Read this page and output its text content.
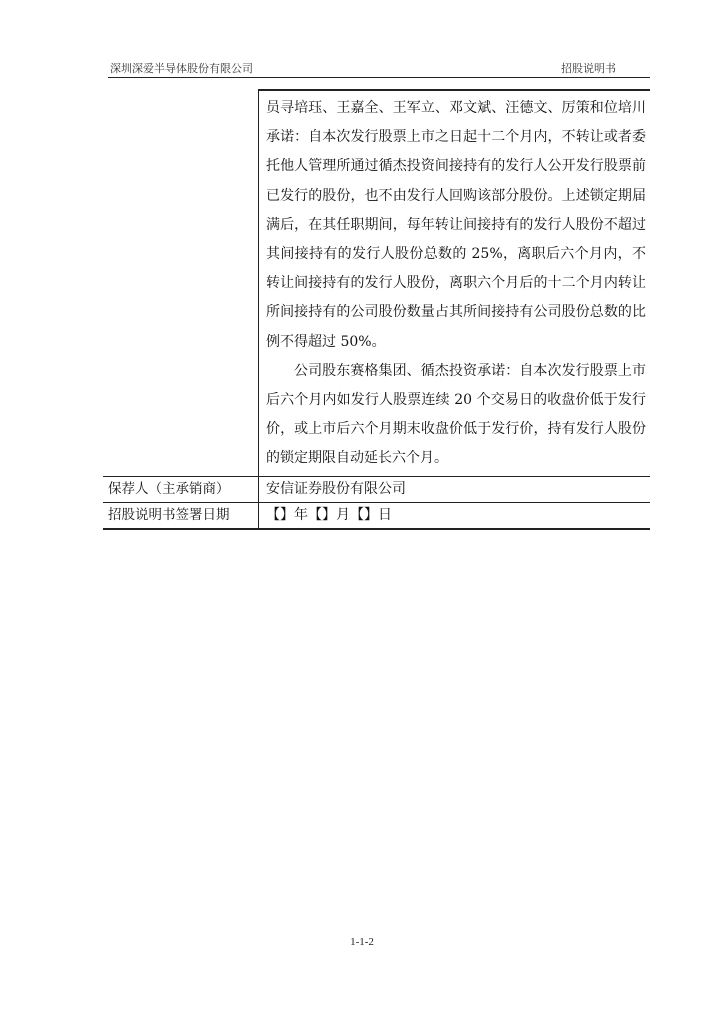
深圳深爱半导体股份有限公司	招股说明书

	员寻培珏、王嘉全、王军立、邓文斌、汪德文、厉策和位培川承诺：自本次发行股票上市之日起十二个月内，不转让或者委托他人管理所通过循杰投资间接持有的发行人公开发行股票前已发行的股份，也不由发行人回购该部分股份。上述锁定期届满后，在其任职期间，每年转让间接持有的发行人股份不超过其间接持有的发行人股份总数的 25%，离职后六个月内，不转让间接持有的发行人股份，离职六个月后的十二个月内转让所间接持有的公司股份数量占其所间接持有公司股份总数的比例不得超过 50%。

公司股东赛格集团、循杰投资承诺：自本次发行股票上市后六个月内如发行人股票连续 20 个交易日的收盘价低于发行价，或上市后六个月期末收盘价低于发行价，持有发行人股份的锁定期限自动延长六个月。

保荐人（主承销商）	安信证券股份有限公司
招股说明书签署日期	【】年【】月【】日
1-1-2
